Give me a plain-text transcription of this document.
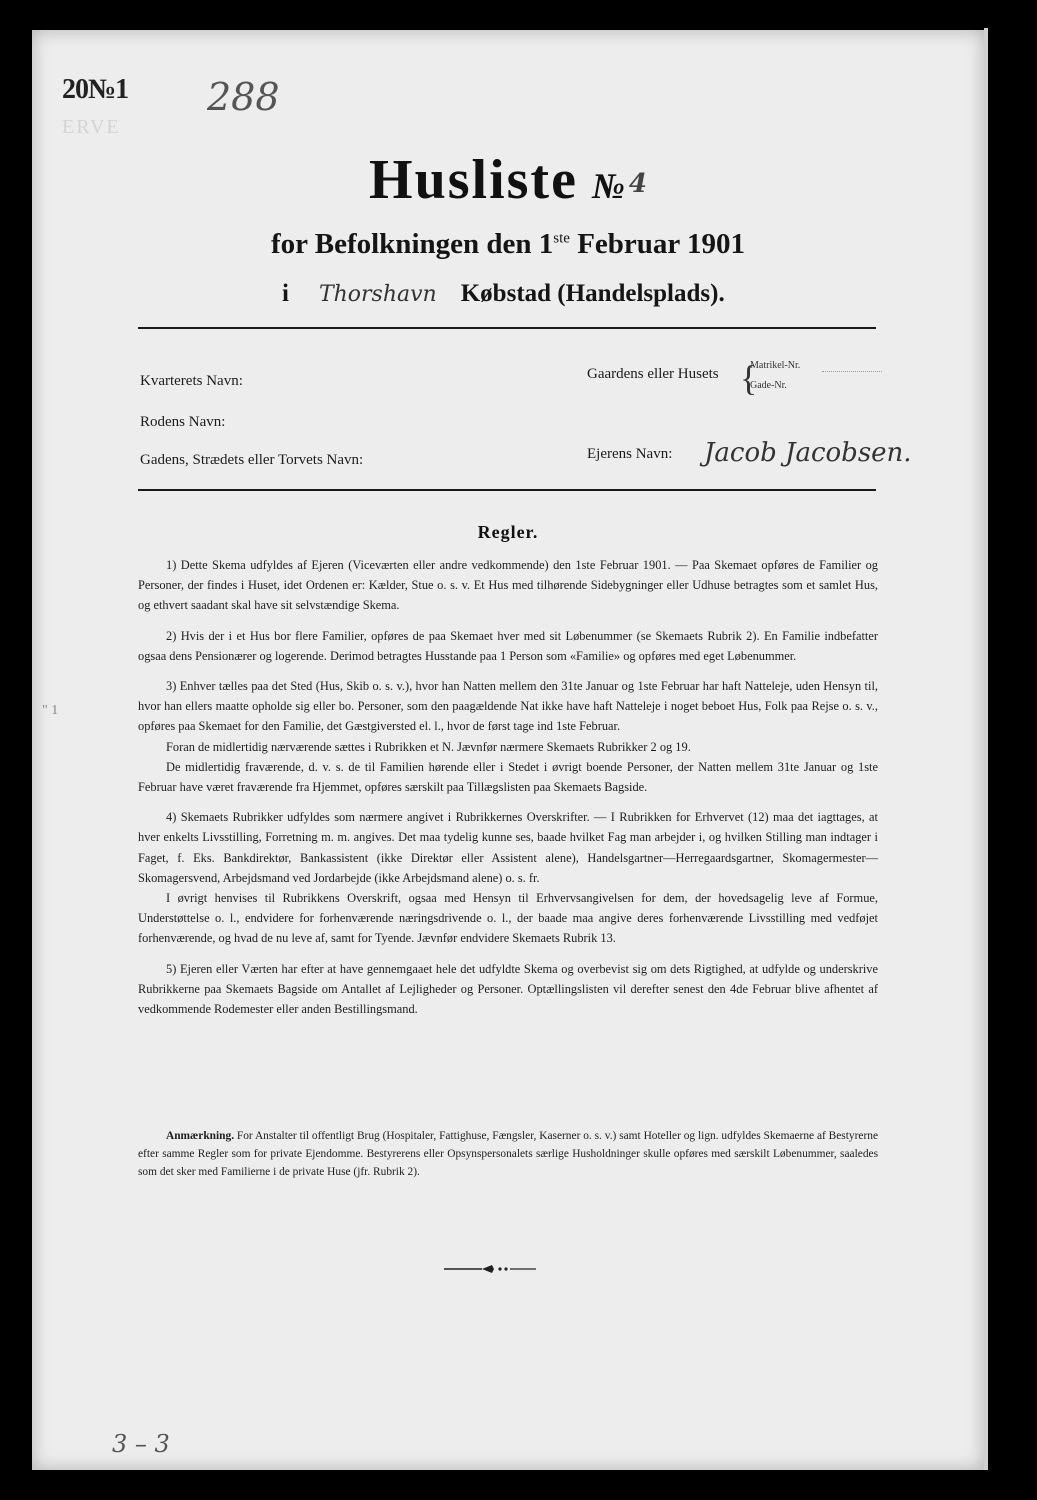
20№1 288
ERVE
Husliste № 4
for Befolkningen den 1ste Februar 1901
i Thorshavn Købstad (Handelsplads).
Kvarterets Navn:
Rodens Navn:
Gadens, Strædets eller Torvets Navn:
Gaardens eller Husets {
Matrikel-Nr.
Gade-Nr.
Ejerens Navn: Jacob Jacobsen.
Regler.

1) Dette Skema udfyldes af Ejeren (Viceværten eller andre vedkommende) den 1ste Februar 1901. — Paa Skemaet opføres de Familier og Personer, der findes i Huset, idet Ordenen er: Kælder, Stue o. s. v. Et Hus med tilhørende Sidebygninger eller Udhuse betragtes som et samlet Hus, og ethvert saadant skal have sit selvstændige Skema.

2) Hvis der i et Hus bor flere Familier, opføres de paa Skemaet hver med sit Løbenummer (se Skemaets Rubrik 2). En Familie indbefatter ogsaa dens Pensionærer og logerende. Derimod betragtes Husstande paa 1 Person som «Familie» og opføres med eget Løbenummer.

3) Enhver tælles paa det Sted (Hus, Skib o. s. v.), hvor han Natten mellem den 31te Januar og 1ste Februar har haft Natteleje, uden Hensyn til, hvor han ellers maatte opholde sig eller bo. Personer, som den paagældende Nat ikke have haft Natteleje i noget beboet Hus, Folk paa Rejse o. s. v., opføres paa Skemaet for den Familie, det Gæstgiversted el. l., hvor de først tage ind 1ste Februar.

Foran de midlertidig nærværende sættes i Rubrikken et N. Jævnfør nærmere Skemaets Rubrikker 2 og 19.

De midlertidig fraværende, d. v. s. de til Familien hørende eller i Stedet i øvrigt boende Personer, der Natten mellem 31te Januar og 1ste Februar have været fraværende fra Hjemmet, opføres særskilt paa Tillægslisten paa Skemaets Bagside.

4) Skemaets Rubrikker udfyldes som nærmere angivet i Rubrikkernes Overskrifter. — I Rubrikken for Erhvervet (12) maa det iagttages, at hver enkelts Livsstilling, Forretning m. m. angives. Det maa tydelig kunne ses, baade hvilket Fag man arbejder i, og hvilken Stilling man indtager i Faget, f. Eks. Bankdirektør, Bankassistent (ikke Direktør eller Assistent alene), Handelsgartner—Herregaardsgartner, Skomagermester—Skomagersvend, Arbejdsmand ved Jordarbejde (ikke Arbejdsmand alene) o. s. fr.

I øvrigt henvises til Rubrikkens Overskrift, ogsaa med Hensyn til Erhvervsangivelsen for dem, der hovedsagelig leve af Formue, Understøttelse o. l., endvidere for forhenværende næringsdrivende o. l., der baade maa angive deres forhenværende Livsstilling med vedføjet forhenværende, og hvad de nu leve af, samt for Tyende. Jævnfør endvidere Skemaets Rubrik 13.

5) Ejeren eller Værten har efter at have gennemgaaet hele det udfyldte Skema og overbevist sig om dets Rigtighed, at udfylde og underskrive Rubrikkerne paa Skemaets Bagside om Antallet af Lejligheder og Personer. Optællingslisten vil derefter senest den 4de Februar blive afhentet af vedkommende Rodemester eller anden Bestillingsmand.

Anmærkning. For Anstalter til offentligt Brug (Hospitaler, Fattighuse, Fængsler, Kaserner o. s. v.) samt Hoteller og lign. udfyldes Skemaerne af Bestyrerne efter samme Regler som for private Ejendomme. Bestyrerens eller Opsynspersonalets særlige Husholdninger skulle opføres med særskilt Løbenummer, saaledes som det sker med Familierne i de private Huse (jfr. Rubrik 2).
3 – 3
" 1
